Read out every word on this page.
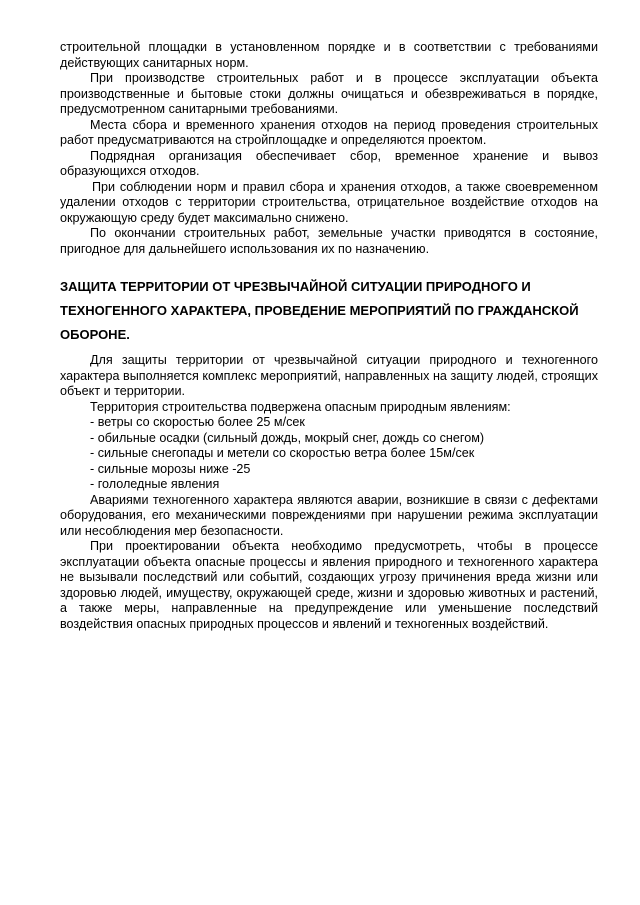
строительной площадки в установленном порядке и в соответствии с требованиями действующих санитарных норм.

При производстве строительных работ и в процессе эксплуатации объекта производственные и бытовые стоки должны очищаться и обезвреживаться в порядке, предусмотренном санитарными требованиями.

Места сбора и временного хранения отходов на период проведения строительных работ предусматриваются на стройплощадке и определяются проектом.

Подрядная организация обеспечивает сбор, временное хранение и вывоз образующихся отходов.

При соблюдении норм и правил сбора и хранения отходов, а также своевременном удалении отходов с территории строительства, отрицательное воздействие отходов на окружающую среду будет максимально снижено.

По окончании строительных работ, земельные участки приводятся в состояние, пригодное для дальнейшего использования их по назначению.

ЗАЩИТА ТЕРРИТОРИИ ОТ ЧРЕЗВЫЧАЙНОЙ СИТУАЦИИ ПРИРОДНОГО И ТЕХНОГЕННОГО ХАРАКТЕРА, ПРОВЕДЕНИЕ МЕРОПРИЯТИЙ ПО ГРАЖДАНСКОЙ ОБОРОНЕ.

Для защиты территории от чрезвычайной ситуации природного и техногенного характера выполняется комплекс мероприятий, направленных на защиту людей, строящих объект и территории.

Территория строительства подвержена опасным природным явлениям:

- ветры со скоростью более 25 м/сек
- обильные осадки (сильный дождь, мокрый снег, дождь со снегом)
- сильные снегопады и метели со скоростью ветра более 15м/сек
- сильные морозы ниже -25
- гололедные явления

Авариями техногенного характера являются аварии, возникшие в связи с дефектами оборудования, его механическими повреждениями при нарушении режима эксплуатации или несоблюдения мер безопасности.

При проектировании объекта необходимо предусмотреть, чтобы в процессе эксплуатации объекта опасные процессы и явления природного и техногенного характера не вызывали последствий или событий, создающих угрозу причинения вреда жизни или здоровью людей, имуществу, окружающей среде, жизни и здоровью животных и растений, а также меры, направленные на предупреждение или уменьшение последствий воздействия опасных природных процессов и явлений и техногенных воздействий.
